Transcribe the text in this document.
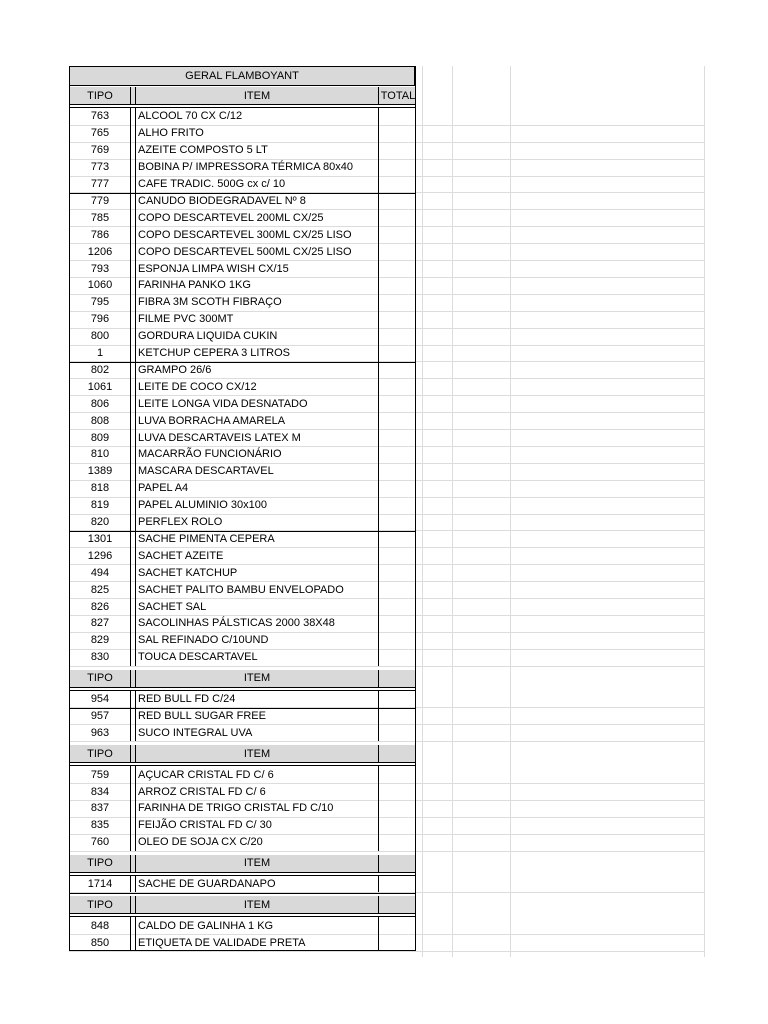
GERAL FLAMBOYANT
TIPO	ITEM	TOTAL
763	ALCOOL 70 CX C/12
765	ALHO FRITO
769	AZEITE COMPOSTO 5 LT
773	BOBINA P/ IMPRESSORA TÉRMICA 80x40
777	CAFE TRADIC. 500G cx c/ 10
779	CANUDO BIODEGRADAVEL Nº 8
785	COPO DESCARTEVEL 200ML CX/25
786	COPO DESCARTEVEL 300ML CX/25 LISO
1206	COPO DESCARTEVEL 500ML CX/25 LISO
793	ESPONJA LIMPA WISH CX/15
1060	FARINHA PANKO 1KG
795	FIBRA 3M SCOTH FIBRAÇO
796	FILME PVC 300MT
800	GORDURA LIQUIDA CUKIN
1	KETCHUP CEPERA 3 LITROS
802	GRAMPO 26/6
1061	LEITE DE COCO CX/12
806	LEITE LONGA VIDA DESNATADO
808	LUVA BORRACHA AMARELA
809	LUVA DESCARTAVEIS LATEX M
810	MACARRÃO FUNCIONÁRIO
1389	MASCARA DESCARTAVEL
818	PAPEL A4
819	PAPEL ALUMINIO 30x100
820	PERFLEX ROLO
1301	SACHE PIMENTA CEPERA
1296	SACHET AZEITE
494	SACHET KATCHUP
825	SACHET PALITO BAMBU ENVELOPADO
826	SACHET SAL
827	SACOLINHAS PÁLSTICAS 2000 38X48
829	SAL REFINADO C/10UND
830	TOUCA DESCARTAVEL
TIPO	ITEM
954	RED BULL FD C/24
957	RED BULL SUGAR FREE
963	SUCO INTEGRAL UVA
TIPO	ITEM
759	AÇUCAR CRISTAL FD C/ 6
834	ARROZ CRISTAL FD C/ 6
837	FARINHA DE TRIGO CRISTAL FD C/10
835	FEIJÃO CRISTAL FD C/ 30
760	OLEO DE SOJA CX C/20
TIPO	ITEM
1714	SACHE DE GUARDANAPO
TIPO	ITEM
848	CALDO DE GALINHA 1 KG
850	ETIQUETA DE VALIDADE PRETA
